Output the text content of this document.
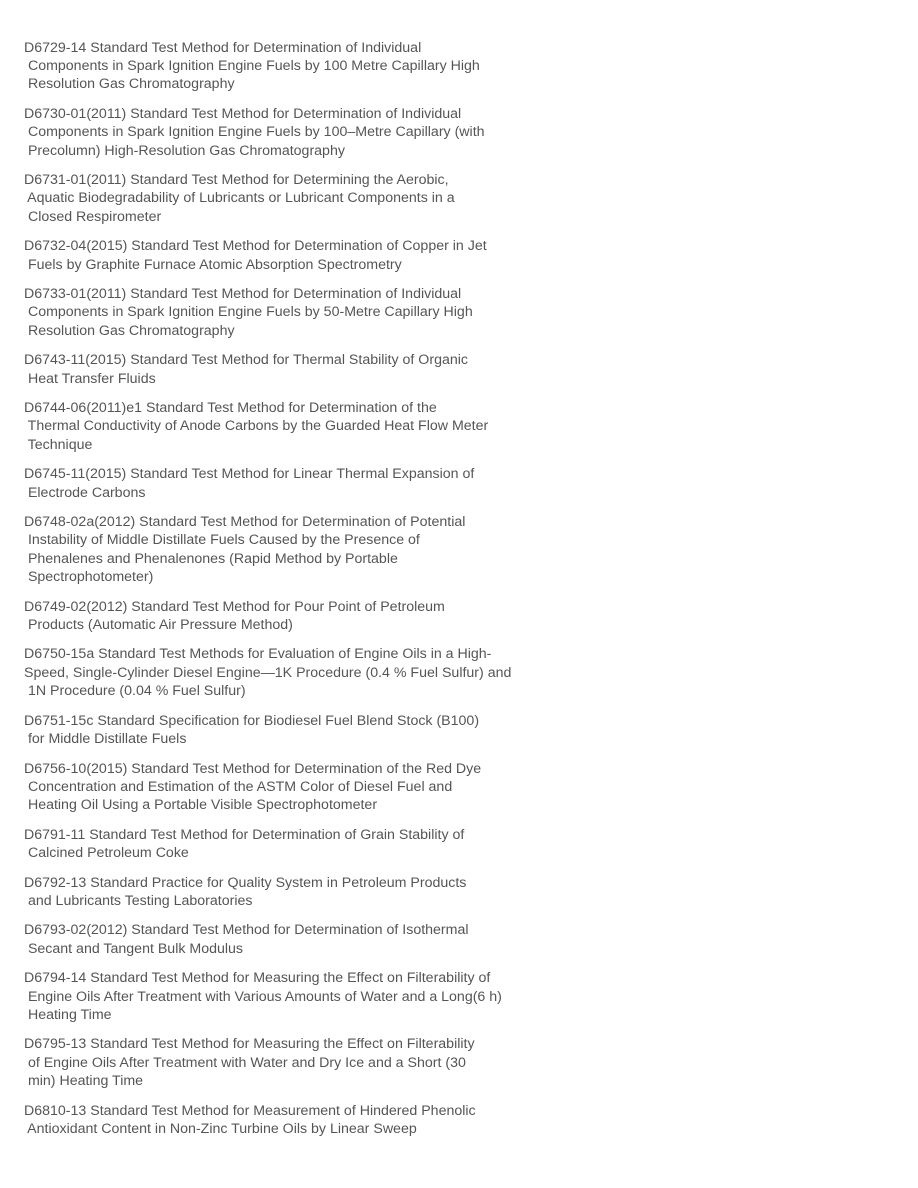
D6729-14 Standard Test Method for Determination of Individual
Components in Spark Ignition Engine Fuels by 100 Metre Capillary High
Resolution Gas Chromatography
D6730-01(2011) Standard Test Method for Determination of Individual
Components in Spark Ignition Engine Fuels by 100–Metre Capillary (with
Precolumn) High-Resolution Gas Chromatography
D6731-01(2011) Standard Test Method for Determining the Aerobic,
Aquatic Biodegradability of Lubricants or Lubricant Components in a
Closed Respirometer
D6732-04(2015) Standard Test Method for Determination of Copper in Jet
Fuels by Graphite Furnace Atomic Absorption Spectrometry
D6733-01(2011) Standard Test Method for Determination of Individual
Components in Spark Ignition Engine Fuels by 50-Metre Capillary High
Resolution Gas Chromatography
D6743-11(2015) Standard Test Method for Thermal Stability of Organic
Heat Transfer Fluids
D6744-06(2011)e1 Standard Test Method for Determination of the
Thermal Conductivity of Anode Carbons by the Guarded Heat Flow Meter
Technique
D6745-11(2015) Standard Test Method for Linear Thermal Expansion of
Electrode Carbons
D6748-02a(2012) Standard Test Method for Determination of Potential
Instability of Middle Distillate Fuels Caused by the Presence of
Phenalenes and Phenalenones (Rapid Method by Portable
Spectrophotometer)
D6749-02(2012) Standard Test Method for Pour Point of Petroleum
Products (Automatic Air Pressure Method)
D6750-15a Standard Test Methods for Evaluation of Engine Oils in a High-
Speed, Single-Cylinder Diesel Engine—1K Procedure (0.4 % Fuel Sulfur) and
1N Procedure (0.04 % Fuel Sulfur)
D6751-15c Standard Specification for Biodiesel Fuel Blend Stock (B100)
for Middle Distillate Fuels
D6756-10(2015) Standard Test Method for Determination of the Red Dye
Concentration and Estimation of the ASTM Color of Diesel Fuel and
Heating Oil Using a Portable Visible Spectrophotometer
D6791-11 Standard Test Method for Determination of Grain Stability of
Calcined Petroleum Coke
D6792-13 Standard Practice for Quality System in Petroleum Products
and Lubricants Testing Laboratories
D6793-02(2012) Standard Test Method for Determination of Isothermal
Secant and Tangent Bulk Modulus
D6794-14 Standard Test Method for Measuring the Effect on Filterability of
Engine Oils After Treatment with Various Amounts of Water and a Long(6 h)
Heating Time
D6795-13 Standard Test Method for Measuring the Effect on Filterability
of Engine Oils After Treatment with Water and Dry Ice and a Short (30
min) Heating Time
D6810-13 Standard Test Method for Measurement of Hindered Phenolic
Antioxidant Content in Non-Zinc Turbine Oils by Linear Sweep
